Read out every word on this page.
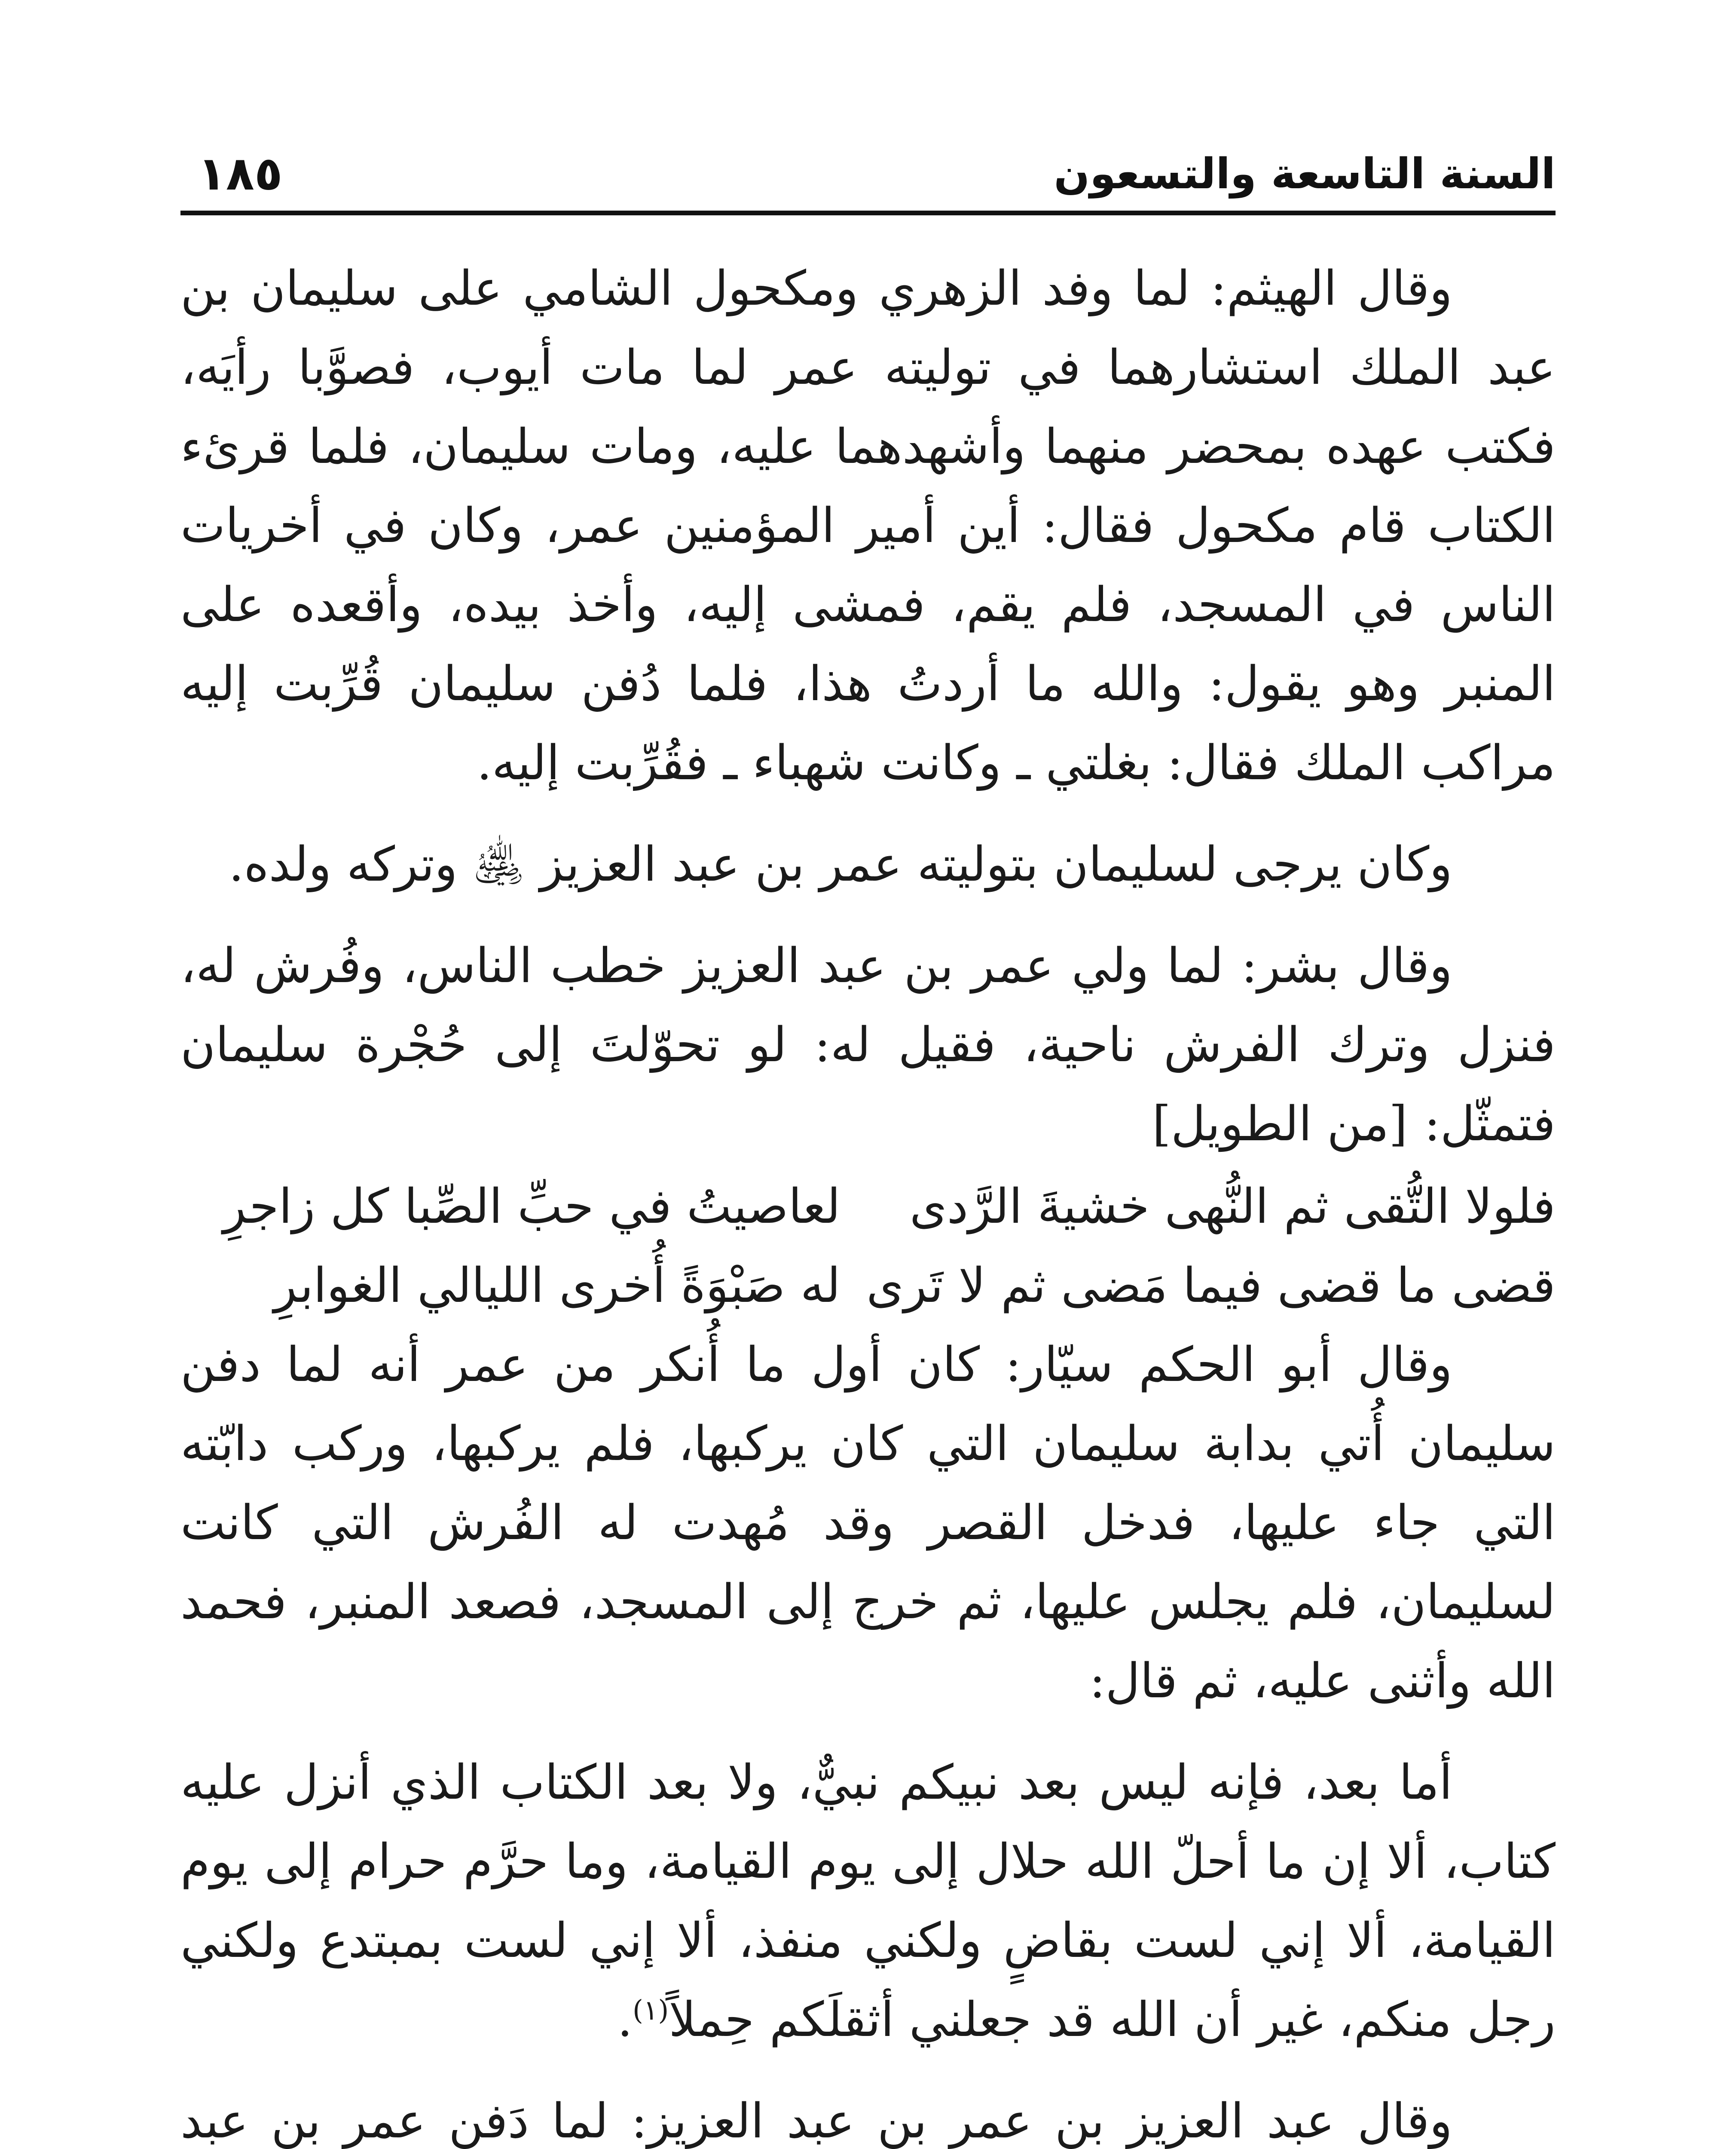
السنة التاسعة والتسعون
١٨٥

وقال الهيثم: لما وفد الزهري ومكحول الشامي على سليمان بن عبد الملك استشارهما في توليته عمر لما مات أيوب، فصوَّبا رأيَه، فكتب عهده بمحضر منهما وأشهدهما عليه، ومات سليمان، فلما قرئء الكتاب قام مكحول فقال: أين أمير المؤمنين عمر، وكان في أخريات الناس في المسجد، فلم يقم، فمشى إليه، وأخذ بيده، وأقعده على المنبر وهو يقول: والله ما أردتُ هذا، فلما دُفن سليمان قُرِّبت إليه مراكب الملك فقال: بغلتي ـ وكانت شهباء ـ فقُرِّبت إليه.

وكان يرجى لسليمان بتوليته عمر بن عبد العزيز ﵁ وتركه ولده.

وقال بشر: لما ولي عمر بن عبد العزيز خطب الناس، وفُرش له، فنزل وترك الفرش ناحية، فقيل له: لو تحوّلتَ إلى حُجْرة سليمان فتمثّل:[من الطويل]

فلولا التُّقى ثم النُّهى خشيةَ الرَّدى
لعاصيتُ في حبِّ الصِّبا كل زاجرِ
قضى ما قضى فيما مَضى ثم لا تَرى
له صَبْوَةً أُخرى الليالي الغوابرِ

وقال أبو الحكم سيّار: كان أول ما أُنكر من عمر أنه لما دفن سليمان أُتي بدابة سليمان التي كان يركبها، فلم يركبها، وركب دابّته التي جاء عليها، فدخل القصر وقد مُهدت له الفُرش التي كانت لسليمان، فلم يجلس عليها، ثم خرج إلى المسجد، فصعد المنبر، فحمد الله وأثنى عليه، ثم قال:

أما بعد، فإنه ليس بعد نبيكم نبيٌّ، ولا بعد الكتاب الذي أنزل عليه كتاب، ألا إن ما أحلّ الله حلال إلى يوم القيامة، وما حرَّم حرام إلى يوم القيامة، ألا إني لست بقاضٍ ولكني منفذ، ألا إني لست بمبتدع ولكني رجل منكم، غير أن الله قد جعلني أثقلَكم حِملاً$^{(١)}$.

وقال عبد العزيز بن عمر بن عبد العزيز: لما دَفن عمر بن عبد
